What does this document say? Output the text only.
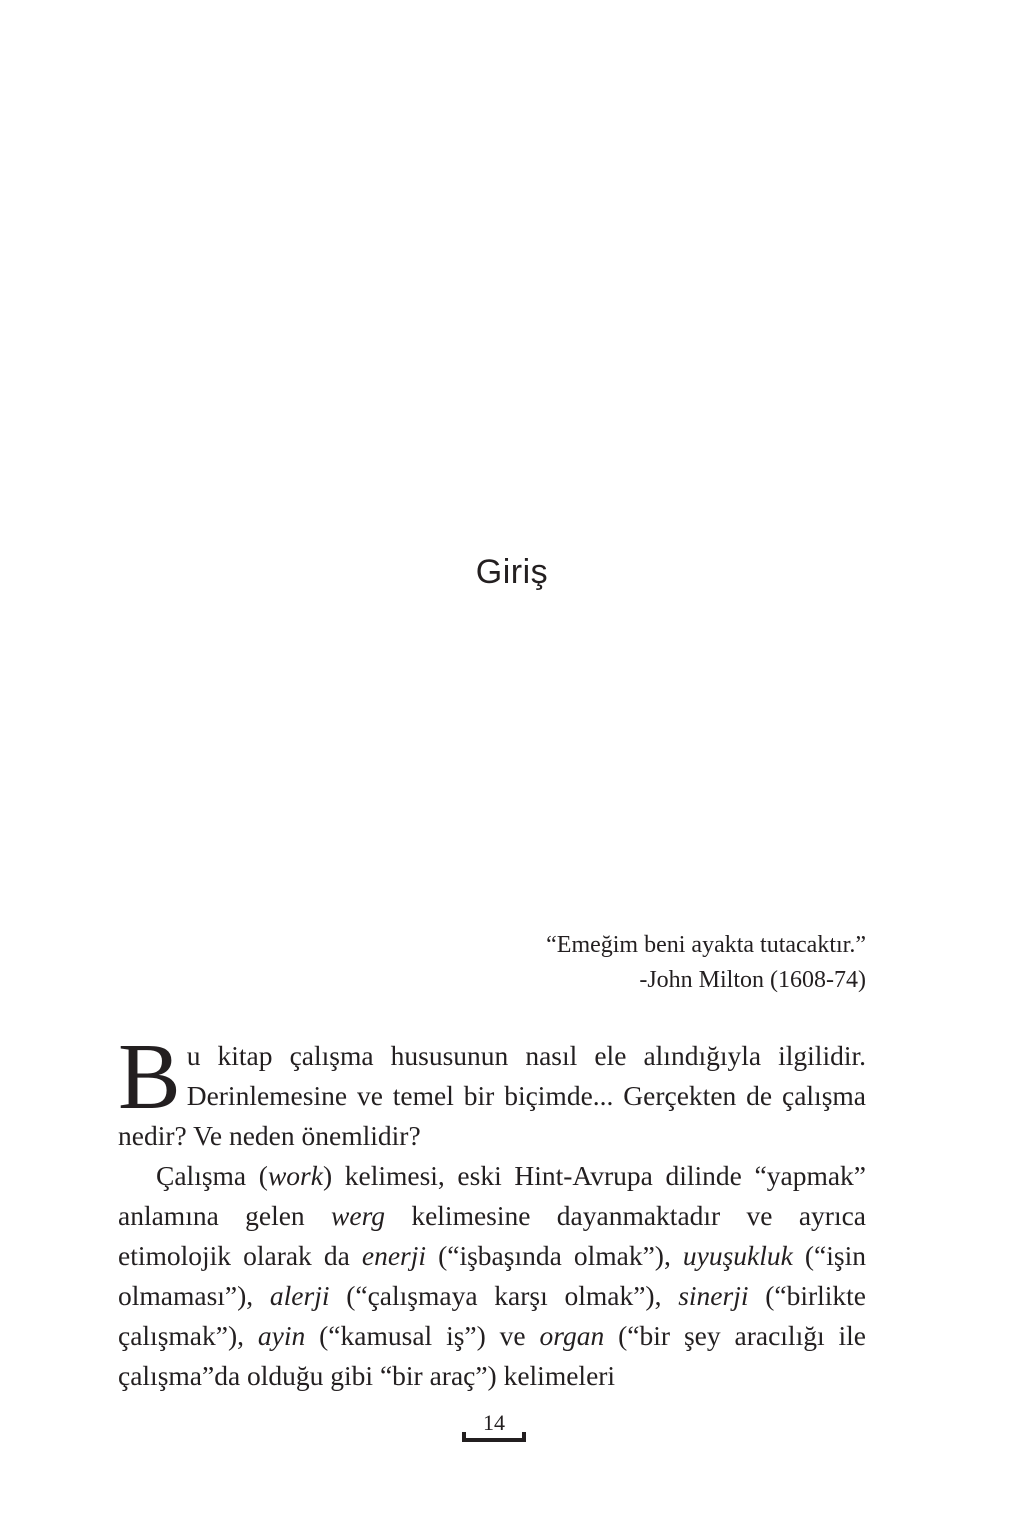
Giriş
“Emeğim beni ayakta tutacaktır.”
-John Milton (1608-74)

Bu kitap çalışma hususunun nasıl ele alındığıyla ilgilidir. Derinlemesine ve temel bir biçimde... Gerçekten de çalışma nedir? Ve neden önemlidir?

Çalışma (work) kelimesi, eski Hint-Avrupa dilinde “yapmak” anlamına gelen werg kelimesine dayanmaktadır ve ayrıca etimolojik olarak da enerji (“işbaşında olmak”), uyuşukluk (“işin olmaması”), alerji (“çalışmaya karşı olmak”), sinerji (“birlikte çalışmak”), ayin (“kamusal iş”) ve organ (“bir şey aracılığı ile çalışma”da olduğu gibi “bir araç”) kelimeleri

14
